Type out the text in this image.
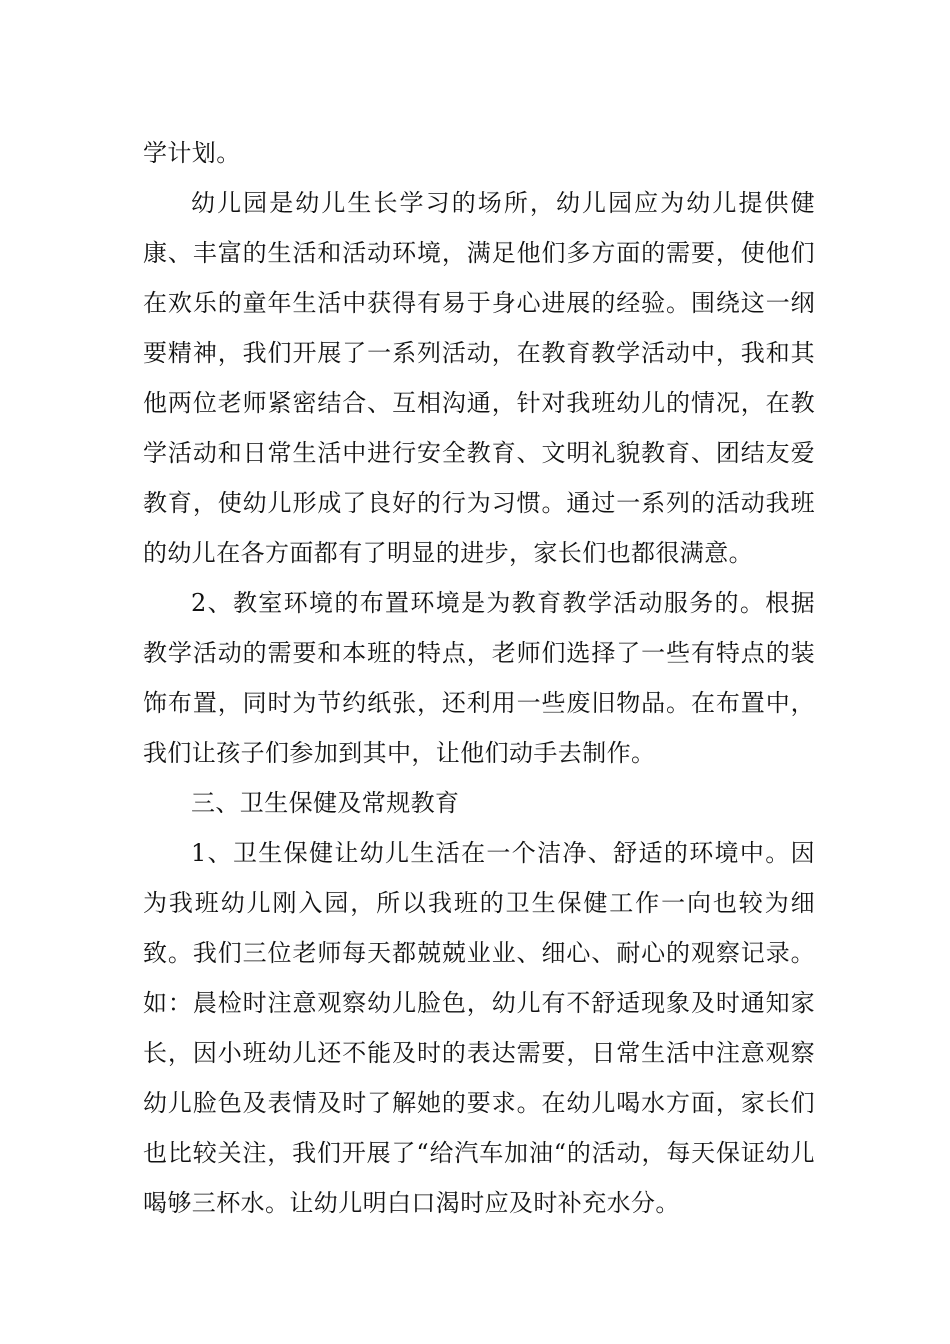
学计划。

幼儿园是幼儿生长学习的场所，幼儿园应为幼儿提供健康、丰富的生活和活动环境，满足他们多方面的需要，使他们在欢乐的童年生活中获得有易于身心进展的经验。围绕这一纲要精神，我们开展了一系列活动，在教育教学活动中，我和其他两位老师紧密结合、互相沟通，针对我班幼儿的情况，在教学活动和日常生活中进行安全教育、文明礼貌教育、团结友爱教育，使幼儿形成了良好的行为习惯。通过一系列的活动我班的幼儿在各方面都有了明显的进步，家长们也都很满意。

2、教室环境的布置环境是为教育教学活动服务的。根据教学活动的需要和本班的特点，老师们选择了一些有特点的装饰布置，同时为节约纸张，还利用一些废旧物品。在布置中，我们让孩子们参加到其中，让他们动手去制作。

三、卫生保健及常规教育

1、卫生保健让幼儿生活在一个洁净、舒适的环境中。因为我班幼儿刚入园，所以我班的卫生保健工作一向也较为细致。我们三位老师每天都兢兢业业、细心、耐心的观察记录。如：晨检时注意观察幼儿脸色，幼儿有不舒适现象及时通知家长，因小班幼儿还不能及时的表达需要，日常生活中注意观察幼儿脸色及表情及时了解她的要求。在幼儿喝水方面，家长们也比较关注，我们开展了“给汽车加油“的活动，每天保证幼儿喝够三杯水。让幼儿明白口渴时应及时补充水分。
